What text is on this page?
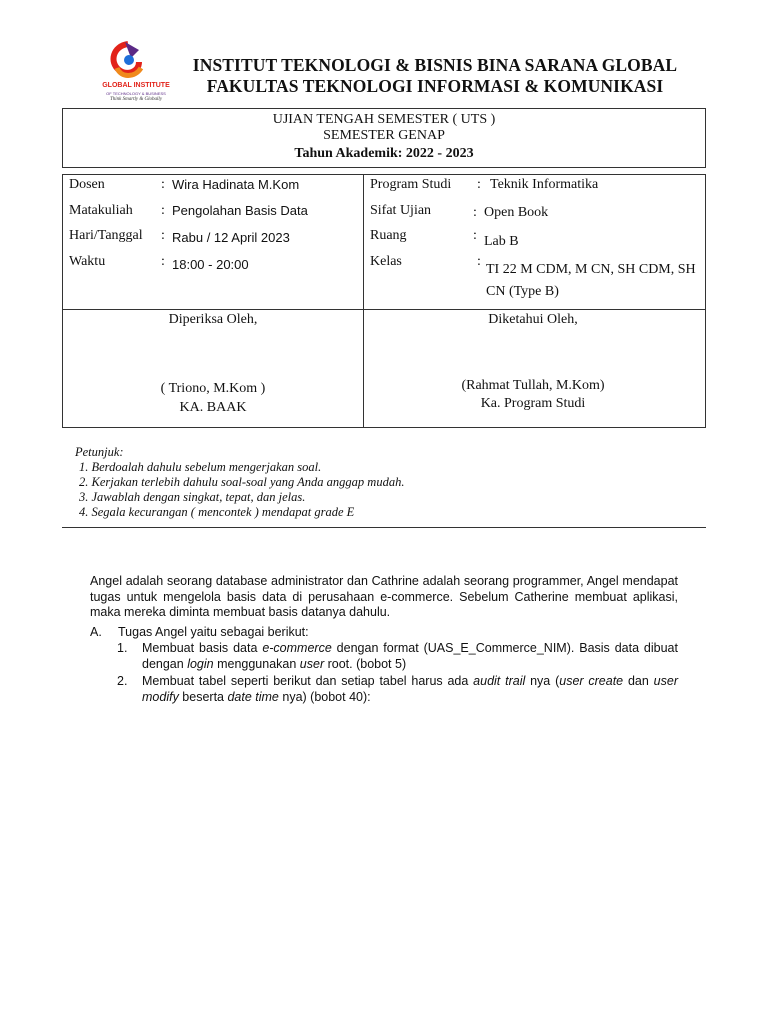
GLOBAL INSTITUTE
OF TECHNOLOGY & BUSINESS
Think Smartly & Globally
INSTITUT TEKNOLOGI & BISNIS BINA SARANA GLOBAL
FAKULTAS TEKNOLOGI INFORMASI & KOMUNIKASI
UJIAN TENGAH SEMESTER ( UTS )
SEMESTER GENAP
Tahun Akademik: 2022 - 2023
Dosen	: Wira Hadinata M.Kom
Matakuliah : Pengolahan Basis Data
Hari/Tanggal : Rabu / 12 April 2023
Waktu	: 18:00 - 20:00
Program Studi : Teknik Informatika
Sifat Ujian	: Open Book
Ruang	: Lab B
Kelas	:
TI 22 M CDM, M CN, SH CDM, SH CN (Type B)
Diperiksa Oleh,
( Triono, M.Kom )
KA. BAAK
Diketahui Oleh,
(Rahmat Tullah, M.Kom)
Ka. Program Studi
Petunjuk:
1. Berdoalah dahulu sebelum mengerjakan soal.
2. Kerjakan terlebih dahulu soal-soal yang Anda anggap mudah.
3. Jawablah dengan singkat, tepat, dan jelas.
4. Segala kecurangan ( mencontek ) mendapat grade E
Angel adalah seorang database administrator dan Cathrine adalah seorang programmer, Angel mendapat tugas untuk mengelola basis data di perusahaan e-commerce. Sebelum Catherine membuat aplikasi, maka mereka diminta membuat basis datanya dahulu.
A. Tugas Angel yaitu sebagai berikut:
1. Membuat basis data e-commerce dengan format (UAS_E_Commerce_NIM). Basis data dibuat dengan login menggunakan user root. (bobot 5)
2. Membuat tabel seperti berikut dan setiap tabel harus ada audit trail nya (user create dan user modify beserta date time nya) (bobot 40):
